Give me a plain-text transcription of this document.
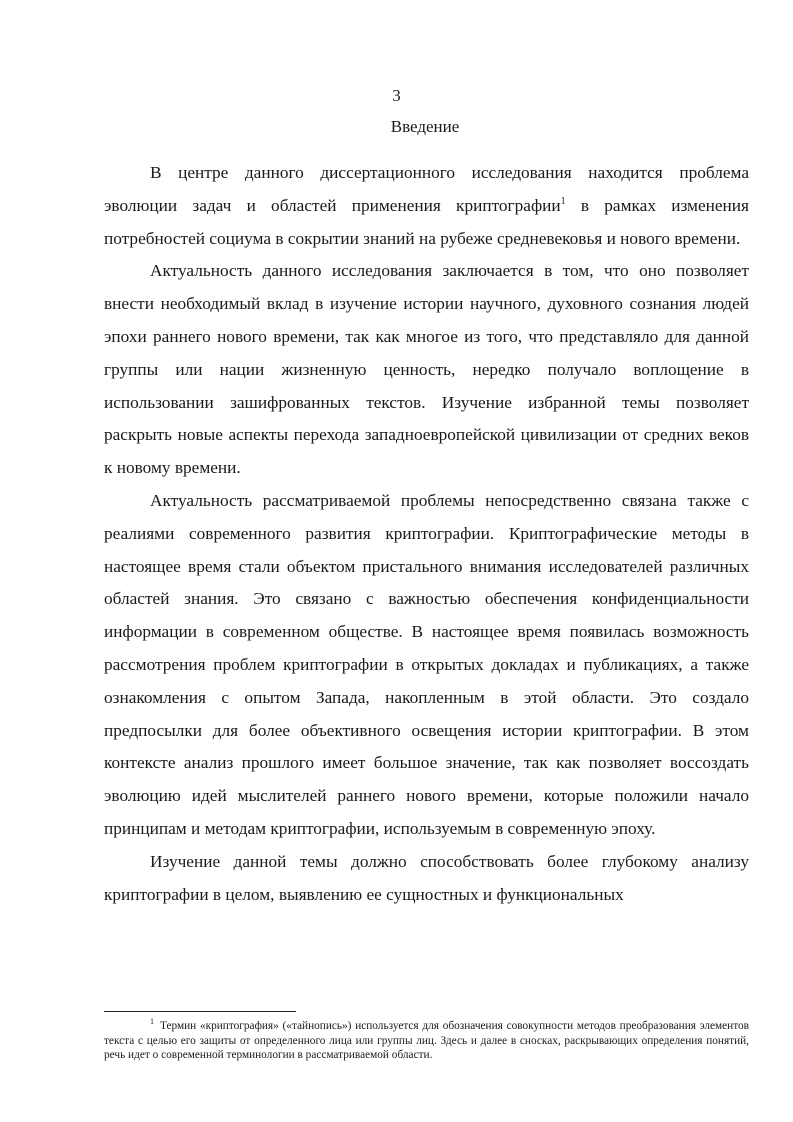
3
Введение

В центре данного диссертационного исследования находится проблема эволюции задач и областей применения криптографии$^1$ в рамках изменения потребностей социума в сокрытии знаний на рубеже средневековья и нового времени.

Актуальность данного исследования заключается в том, что оно позволяет внести необходимый вклад в изучение истории научного, духовного сознания людей эпохи раннего нового времени, так как многое из того, что представляло для данной группы или нации жизненную ценность, нередко получало воплощение в использовании зашифрованных текстов. Изучение избранной темы позволяет раскрыть новые аспекты перехода западноевропейской цивилизации от средних веков к новому времени.

Актуальность рассматриваемой проблемы непосредственно связана также с реалиями современного развития криптографии. Криптографические методы в настоящее время стали объектом пристального внимания исследователей различных областей знания. Это связано с важностью обеспечения конфиденциальности информации в современном обществе. В настоящее время появилась возможность рассмотрения проблем криптографии в открытых докладах и публикациях, а также ознакомления с опытом Запада, накопленным в этой области. Это создало предпосылки для более объективного освещения истории криптографии. В этом контексте анализ прошлого имеет большое значение, так как позволяет воссоздать эволюцию идей мыслителей раннего нового времени, которые положили начало принципам и методам криптографии, используемым в современную эпоху.

Изучение данной темы должно способствовать более глубокому анализу криптографии в целом, выявлению ее сущностных и функциональных

$^1$ Термин «криптография» («тайнопись») используется для обозначения совокупности методов преобразования элементов текста с целью его защиты от определенного лица или группы лиц. Здесь и далее в сносках, раскрывающих определения понятий, речь идет о современной терминологии в рассматриваемой области.
